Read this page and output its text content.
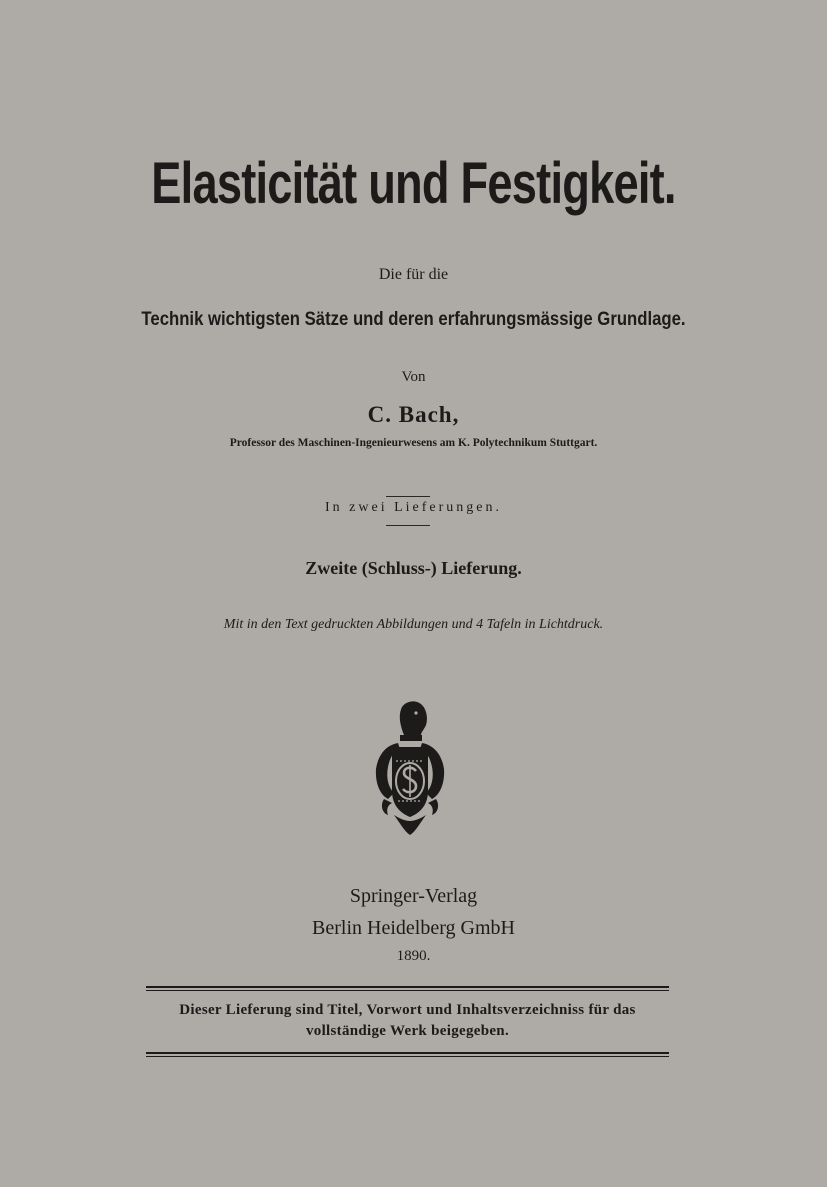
Elasticität und Festigkeit.
Die für die
Technik wichtigsten Sätze und deren erfahrungsmässige Grundlage.
Von
C. Bach,
Professor des Maschinen-Ingenieurwesens am K. Polytechnikum Stuttgart.
In zwei Lieferungen.
Zweite (Schluss-) Lieferung.
Mit in den Text gedruckten Abbildungen und 4 Tafeln in Lichtdruck.
Springer-Verlag
Berlin Heidelberg GmbH
1890.
Dieser Lieferung sind Titel, Vorwort und Inhaltsverzeichniss für das
vollständige Werk beigegeben.
